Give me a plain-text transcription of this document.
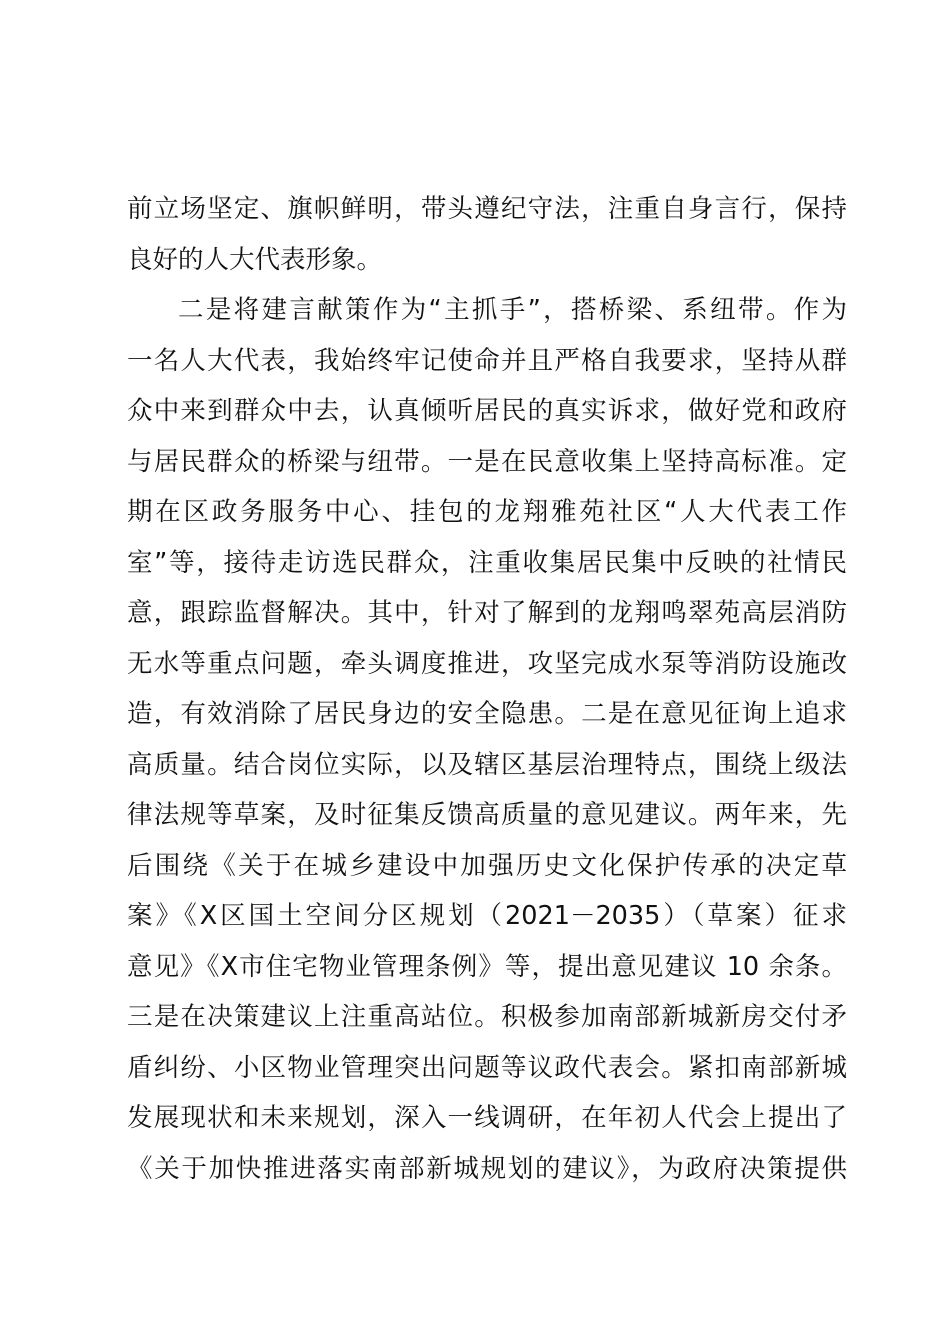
前立场坚定、旗帜鲜明，带头遵纪守法，注重自身言行，保持
良好的人大代表形象。
二是将建言献策作为“主抓手”，搭桥梁、系纽带。作为
一名人大代表，我始终牢记使命并且严格自我要求，坚持从群
众中来到群众中去，认真倾听居民的真实诉求，做好党和政府
与居民群众的桥梁与纽带。一是在民意收集上坚持高标准。定
期在区政务服务中心、挂包的龙翔雅苑社区“人大代表工作
室”等，接待走访选民群众，注重收集居民集中反映的社情民
意，跟踪监督解决。其中，针对了解到的龙翔鸣翠苑高层消防
无水等重点问题，牵头调度推进，攻坚完成水泵等消防设施改
造，有效消除了居民身边的安全隐患。二是在意见征询上追求
高质量。结合岗位实际，以及辖区基层治理特点，围绕上级法
律法规等草案，及时征集反馈高质量的意见建议。两年来，先
后围绕《关于在城乡建设中加强历史文化保护传承的决定草
案》《X区国土空间分区规划（2021－2035）（草案）征求
意见》《X市住宅物业管理条例》等，提出意见建议 10 余条。
三是在决策建议上注重高站位。积极参加南部新城新房交付矛
盾纠纷、小区物业管理突出问题等议政代表会。紧扣南部新城
发展现状和未来规划，深入一线调研，在年初人代会上提出了
《关于加快推进落实南部新城规划的建议》，为政府决策提供
